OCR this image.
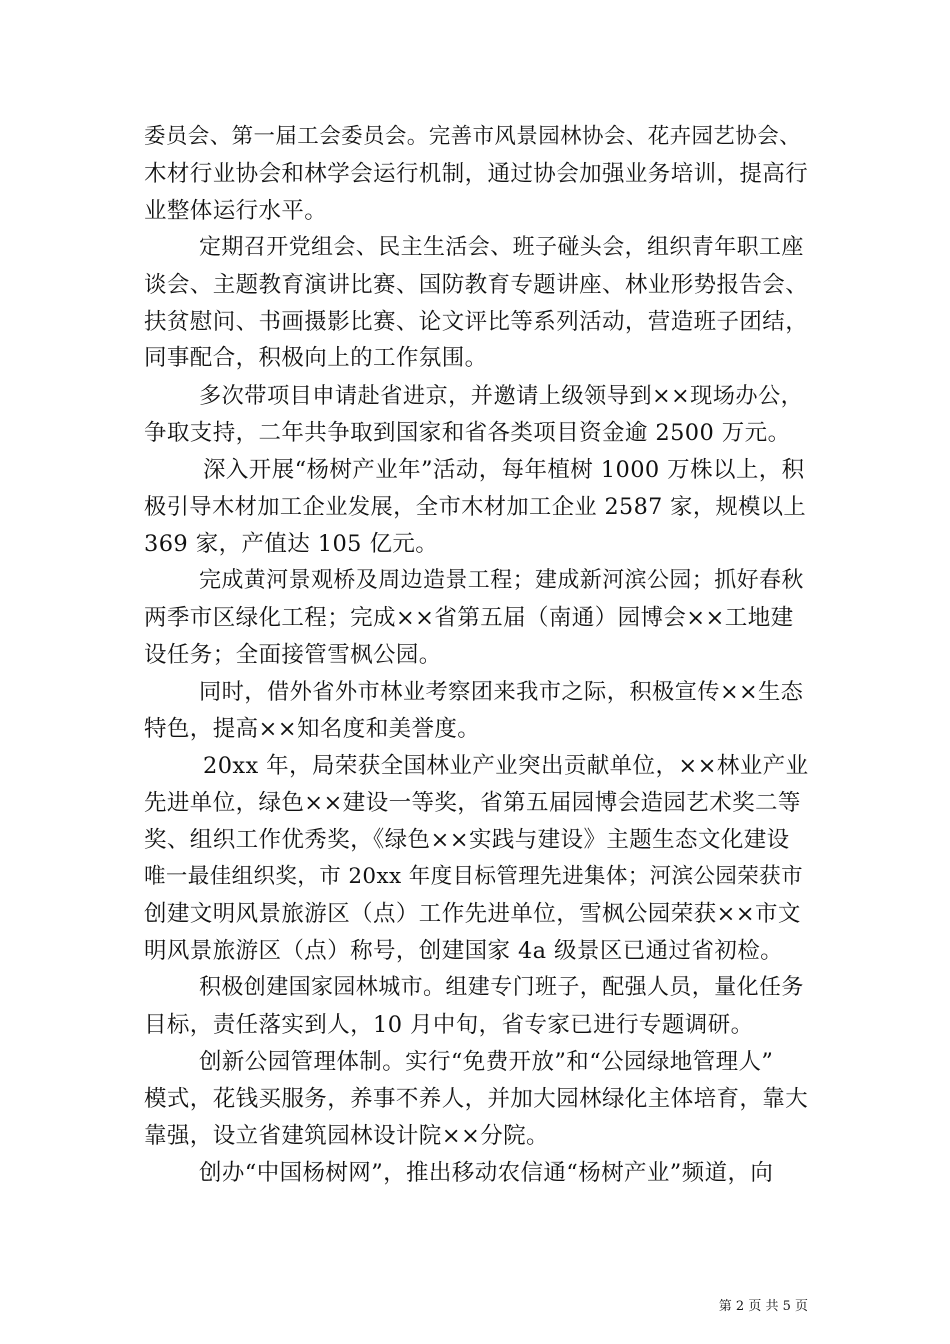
委员会、第一届工会委员会。完善市风景园林协会、花卉园艺协会、
木材行业协会和林学会运行机制，通过协会加强业务培训，提高行
业整体运行水平。
定期召开党组会、民主生活会、班子碰头会，组织青年职工座
谈会、主题教育演讲比赛、国防教育专题讲座、林业形势报告会、
扶贫慰问、书画摄影比赛、论文评比等系列活动，营造班子团结，
同事配合，积极向上的工作氛围。
多次带项目申请赴省进京，并邀请上级领导到××现场办公，
争取支持，二年共争取到国家和省各类项目资金逾 2500 万元。
深入开展“杨树产业年”活动，每年植树 1000 万株以上，积
极引导木材加工企业发展，全市木材加工企业 2587 家，规模以上
369 家，产值达 105 亿元。
完成黄河景观桥及周边造景工程；建成新河滨公园；抓好春秋
两季市区绿化工程；完成××省第五届（南通）园博会××工地建
设任务；全面接管雪枫公园。
同时，借外省外市林业考察团来我市之际，积极宣传××生态
特色，提高××知名度和美誉度。
20xx 年，局荣获全国林业产业突出贡献单位，××林业产业
先进单位，绿色××建设一等奖，省第五届园博会造园艺术奖二等
奖、组织工作优秀奖，《绿色××实践与建设》主题生态文化建设
唯一最佳组织奖，市 20xx 年度目标管理先进集体；河滨公园荣获市
创建文明风景旅游区（点）工作先进单位，雪枫公园荣获××市文
明风景旅游区（点）称号，创建国家 4a 级景区已通过省初检。
积极创建国家园林城市。组建专门班子，配强人员，量化任务
目标，责任落实到人，10 月中旬，省专家已进行专题调研。
创新公园管理体制。实行“免费开放”和“公园绿地管理人”
模式，花钱买服务，养事不养人，并加大园林绿化主体培育，靠大
靠强，设立省建筑园林设计院××分院。
创办“中国杨树网”，推出移动农信通“杨树产业”频道，向
第 2 页 共 5 页
